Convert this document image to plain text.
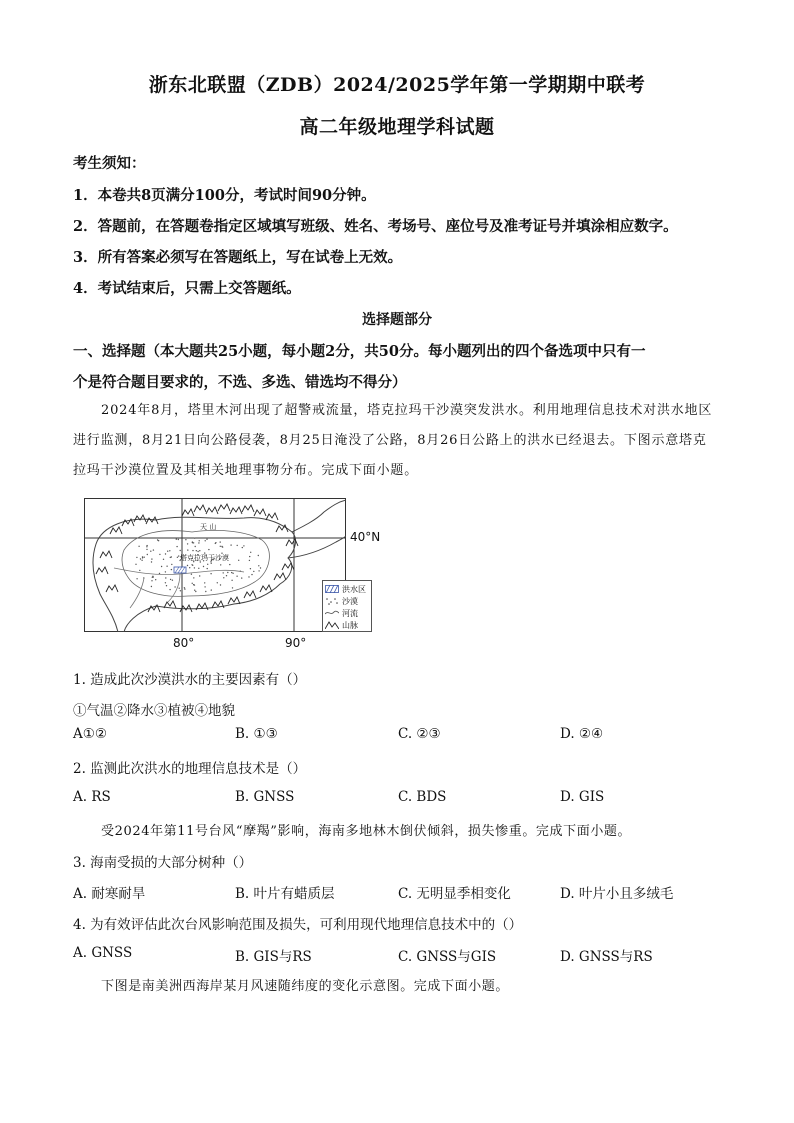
浙东北联盟（ZDB）2024/2025学年第一学期期中联考
高二年级地理学科试题
考生须知：
1．本卷共8页满分100分，考试时间90分钟。
2．答题前，在答题卷指定区域填写班级、姓名、考场号、座位号及准考证号并填涂相应数字。
3．所有答案必须写在答题纸上，写在试卷上无效。
4．考试结束后，只需上交答题纸。
选择题部分
一、选择题（本大题共25小题，每小题2分，共50分。每小题列出的四个备选项中只有一
个是符合题目要求的，不选、多选、错选均不得分）
2024年8月，塔里木河出现了超警戒流量，塔克拉玛干沙漠突发洪水。利用地理信息技术对洪水地区
进行监测，8月21日向公路侵袭，8月25日淹没了公路，8月26日公路上的洪水已经退去。下图示意塔克
拉玛干沙漠位置及其相关地理事物分布。完成下面小题。
天 山
塔克拉玛干沙漠
40°N
80°	90°
洪水区
沙漠
河流
山脉
1. 造成此次沙漠洪水的主要因素有（）
①气温②降水③植被④地貌
A①②	B. ①③	C. ②③	D. ②④
2. 监测此次洪水的地理信息技术是（）
A. RS	B. GNSS	C. BDS	D. GIS
受2024年第11号台风“摩羯”影响，海南多地林木倒伏倾斜，损失惨重。完成下面小题。
3. 海南受损的大部分树种（）
A. 耐寒耐旱	B. 叶片有蜡质层	C. 无明显季相变化	D. 叶片小且多绒毛
4. 为有效评估此次台风影响范围及损失，可利用现代地理信息技术中的（）
A. GNSS	B. GIS与RS	C. GNSS与GIS	D. GNSS与RS
下图是南美洲西海岸某月风速随纬度的变化示意图。完成下面小题。
